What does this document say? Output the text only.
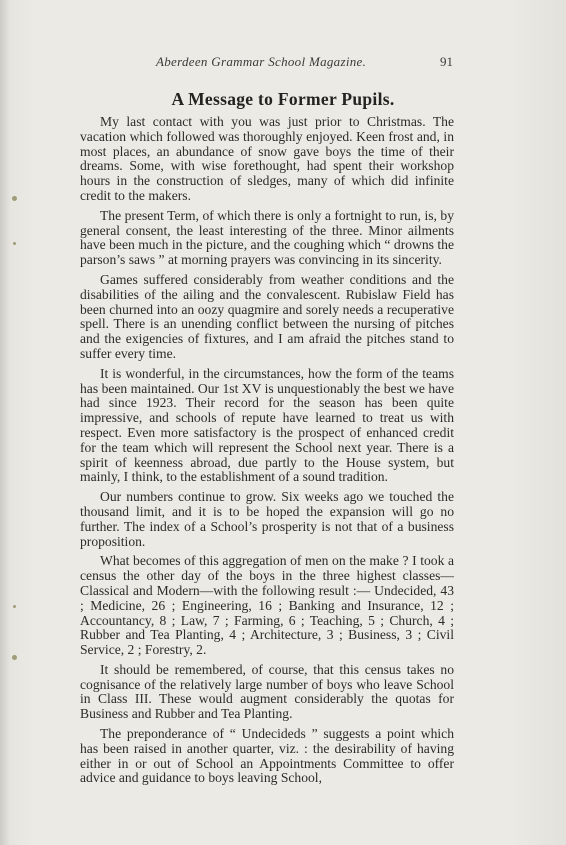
Aberdeen Grammar School Magazine.	91
A Message to Former Pupils.

My last contact with you was just prior to Christmas. The vacation which followed was thoroughly enjoyed. Keen frost and, in most places, an abundance of snow gave boys the time of their dreams. Some, with wise forethought, had spent their workshop hours in the construction of sledges, many of which did infinite credit to the makers.

The present Term, of which there is only a fortnight to run, is, by general consent, the least interesting of the three. Minor ailments have been much in the picture, and the coughing which “ drowns the parson’s saws ” at morning prayers was convincing in its sincerity.

Games suffered considerably from weather conditions and the disabilities of the ailing and the convalescent. Rubislaw Field has been churned into an oozy quagmire and sorely needs a recuperative spell. There is an unending conflict between the nursing of pitches and the exigencies of fixtures, and I am afraid the pitches stand to suffer every time.

It is wonderful, in the circumstances, how the form of the teams has been maintained. Our 1st XV is unquestionably the best we have had since 1923. Their record for the season has been quite impressive, and schools of repute have learned to treat us with respect. Even more satisfactory is the prospect of enhanced credit for the team which will represent the School next year. There is a spirit of keenness abroad, due partly to the House system, but mainly, I think, to the establishment of a sound tradition.

Our numbers continue to grow. Six weeks ago we touched the thousand limit, and it is to be hoped the expansion will go no further. The index of a School’s prosperity is not that of a business proposition.

What becomes of this aggregation of men on the make ? I took a census the other day of the boys in the three highest classes—Classical and Modern—with the following result :— Undecided, 43 ; Medicine, 26 ; Engineering, 16 ; Banking and Insurance, 12 ; Accountancy, 8 ; Law, 7 ; Farming, 6 ; Teaching, 5 ; Church, 4 ; Rubber and Tea Planting, 4 ; Architecture, 3 ; Business, 3 ; Civil Service, 2 ; Forestry, 2.

It should be remembered, of course, that this census takes no cognisance of the relatively large number of boys who leave School in Class III. These would augment considerably the quotas for Business and Rubber and Tea Planting.

The preponderance of “ Undecideds ” suggests a point which has been raised in another quarter, viz. : the desirability of having either in or out of School an Appointments Committee to offer advice and guidance to boys leaving School,
